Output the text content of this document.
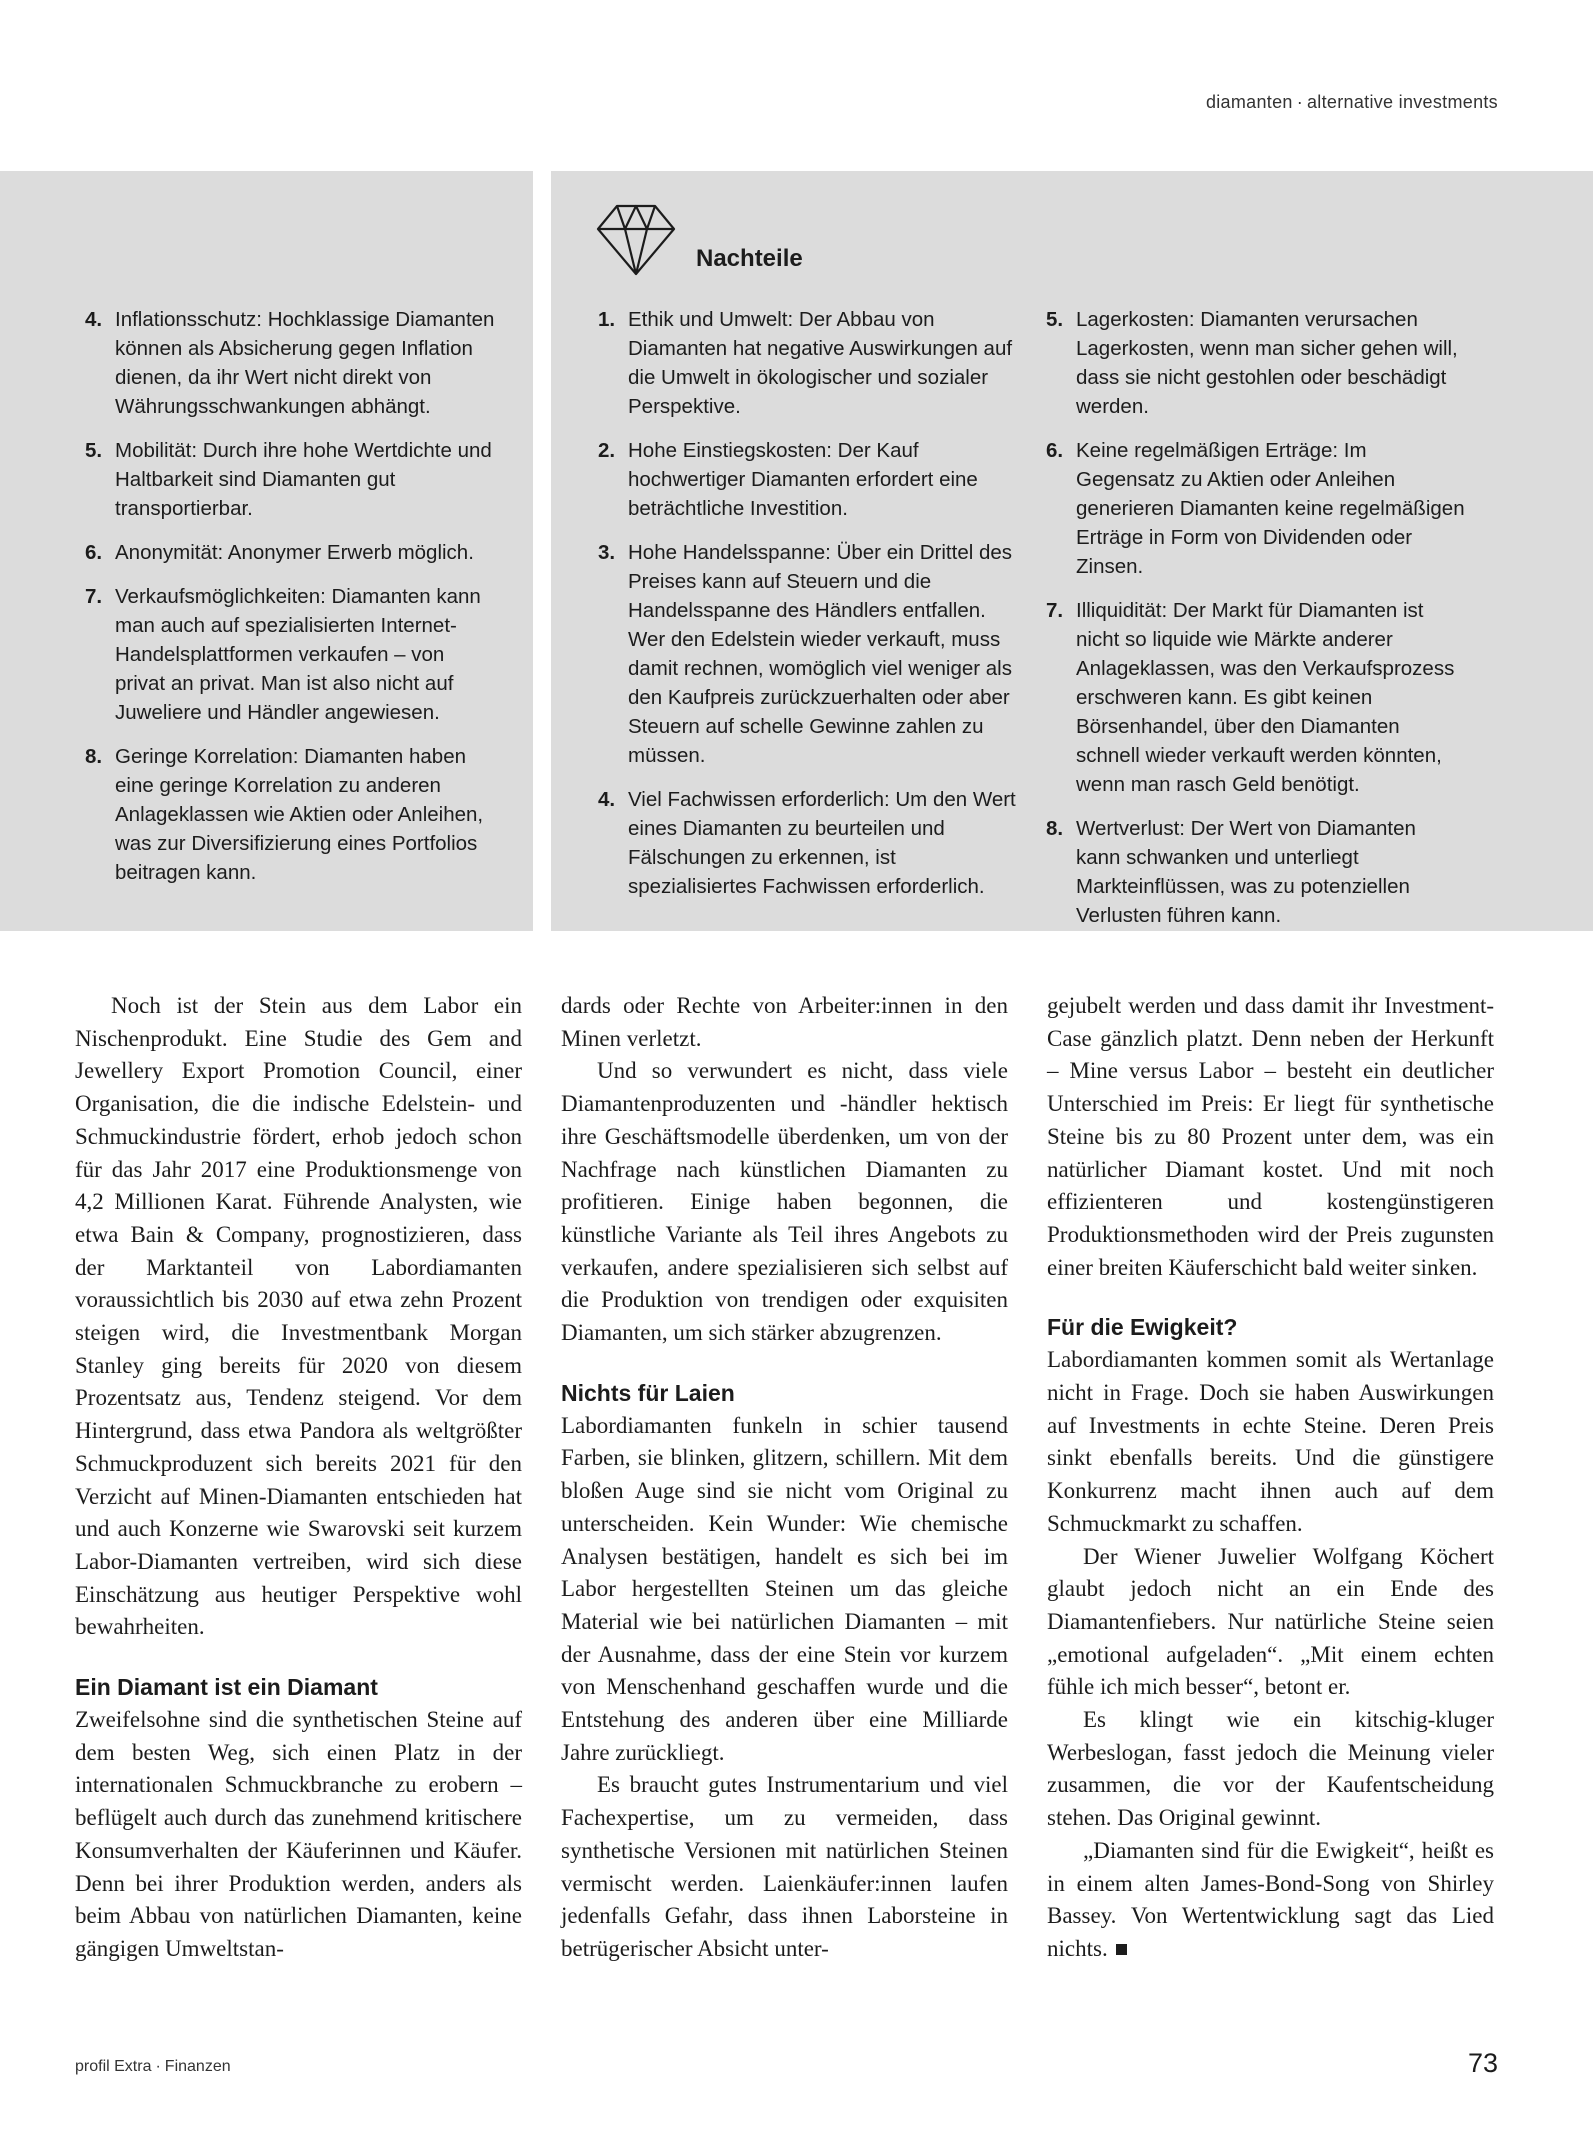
diamanten · alternative investments
Nachteile
4. Inflationsschutz: Hochklassige Diamanten können als Absicherung gegen Inflation dienen, da ihr Wert nicht direkt von Währungsschwankungen abhängt.
5. Mobilität: Durch ihre hohe Wertdichte und Haltbarkeit sind Diamanten gut transportierbar.
6. Anonymität: Anonymer Erwerb möglich.
7. Verkaufsmöglichkeiten: Diamanten kann man auch auf spezialisierten Internet-Handelsplattformen verkaufen – von privat an privat. Man ist also nicht auf Juweliere und Händler angewiesen.
8. Geringe Korrelation: Diamanten haben eine geringe Korrelation zu anderen Anlageklassen wie Aktien oder Anleihen, was zur Diversifizierung eines Portfolios beitragen kann.
1. Ethik und Umwelt: Der Abbau von Diamanten hat negative Auswirkungen auf die Umwelt in ökologischer und sozialer Perspektive.
2. Hohe Einstiegskosten: Der Kauf hochwertiger Diamanten erfordert eine beträchtliche Investition.
3. Hohe Handelsspanne: Über ein Drittel des Preises kann auf Steuern und die Handelsspanne des Händlers entfallen. Wer den Edelstein wieder verkauft, muss damit rechnen, womöglich viel weniger als den Kaufpreis zurückzuerhalten oder aber Steuern auf schelle Gewinne zahlen zu müssen.
4. Viel Fachwissen erforderlich: Um den Wert eines Diamanten zu beurteilen und Fälschungen zu erkennen, ist spezialisiertes Fachwissen erforderlich.
5. Lagerkosten: Diamanten verursachen Lagerkosten, wenn man sicher gehen will, dass sie nicht gestohlen oder beschädigt werden.
6. Keine regelmäßigen Erträge: Im Gegensatz zu Aktien oder Anleihen generieren Diamanten keine regelmäßigen Erträge in Form von Dividenden oder Zinsen.
7. Illiquidität: Der Markt für Diamanten ist nicht so liquide wie Märkte anderer Anlageklassen, was den Verkaufsprozess erschweren kann. Es gibt keinen Börsenhandel, über den Diamanten schnell wieder verkauft werden könnten, wenn man rasch Geld benötigt.
8. Wertverlust: Der Wert von Diamanten kann schwanken und unterliegt Markteinflüssen, was zu potenziellen Verlusten führen kann.

Noch ist der Stein aus dem Labor ein Nischenprodukt. Eine Studie des Gem and Jewellery Export Promotion Council, einer Organisation, die die indische Edelstein- und Schmuckindustrie fördert, erhob jedoch schon für das Jahr 2017 eine Produktionsmenge von 4,2 Millionen Karat. Führende Analysten, wie etwa Bain & Company, prognostizieren, dass der Marktanteil von Labordiamanten voraussichtlich bis 2030 auf etwa zehn Prozent steigen wird, die Investmentbank Morgan Stanley ging bereits für 2020 von diesem Prozentsatz aus, Tendenz steigend. Vor dem Hintergrund, dass etwa Pandora als weltgrößter Schmuckproduzent sich bereits 2021 für den Verzicht auf Minen-Diamanten entschieden hat und auch Konzerne wie Swarovski seit kurzem Labor-Diamanten vertreiben, wird sich diese Einschätzung aus heutiger Perspektive wohl bewahrheiten.

Ein Diamant ist ein Diamant

Zweifelsohne sind die synthetischen Steine auf dem besten Weg, sich einen Platz in der internationalen Schmuckbranche zu erobern – beflügelt auch durch das zunehmend kritischere Konsumverhalten der Käuferinnen und Käufer. Denn bei ihrer Produktion werden, anders als beim Abbau von natürlichen Diamanten, keine gängigen Umweltstan-

dards oder Rechte von Arbeiter:innen in den Minen verletzt.

Und so verwundert es nicht, dass viele Diamantenproduzenten und -händler hektisch ihre Geschäftsmodelle überdenken, um von der Nachfrage nach künstlichen Diamanten zu profitieren. Einige haben begonnen, die künstliche Variante als Teil ihres Angebots zu verkaufen, andere spezialisieren sich selbst auf die Produktion von trendigen oder exquisiten Diamanten, um sich stärker abzugrenzen.

Nichts für Laien

Labordiamanten funkeln in schier tausend Farben, sie blinken, glitzern, schillern. Mit dem bloßen Auge sind sie nicht vom Original zu unterscheiden. Kein Wunder: Wie chemische Analysen bestätigen, handelt es sich bei im Labor hergestellten Steinen um das gleiche Material wie bei natürlichen Diamanten – mit der Ausnahme, dass der eine Stein vor kurzem von Menschenhand geschaffen wurde und die Entstehung des anderen über eine Milliarde Jahre zurückliegt.

Es braucht gutes Instrumentarium und viel Fachexpertise, um zu vermeiden, dass synthetische Versionen mit natürlichen Steinen vermischt werden. Laienkäufer:innen laufen jedenfalls Gefahr, dass ihnen Laborsteine in betrügerischer Absicht unter-

gejubelt werden und dass damit ihr Investment-Case gänzlich platzt. Denn neben der Herkunft – Mine versus Labor – besteht ein deutlicher Unterschied im Preis: Er liegt für synthetische Steine bis zu 80 Prozent unter dem, was ein natürlicher Diamant kostet. Und mit noch effizienteren und kostengünstigeren Produktionsmethoden wird der Preis zugunsten einer breiten Käuferschicht bald weiter sinken.

Für die Ewigkeit?

Labordiamanten kommen somit als Wertanlage nicht in Frage. Doch sie haben Auswirkungen auf Investments in echte Steine. Deren Preis sinkt ebenfalls bereits. Und die günstigere Konkurrenz macht ihnen auch auf dem Schmuckmarkt zu schaffen.

Der Wiener Juwelier Wolfgang Köchert glaubt jedoch nicht an ein Ende des Diamantenfiebers. Nur natürliche Steine seien „emotional aufgeladen“. „Mit einem echten fühle ich mich besser“, betont er.

Es klingt wie ein kitschig-kluger Werbeslogan, fasst jedoch die Meinung vieler zusammen, die vor der Kaufentscheidung stehen. Das Original gewinnt.

„Diamanten sind für die Ewigkeit“, heißt es in einem alten James-Bond-Song von Shirley Bassey. Von Wertentwicklung sagt das Lied nichts.

profil Extra · Finanzen	73
